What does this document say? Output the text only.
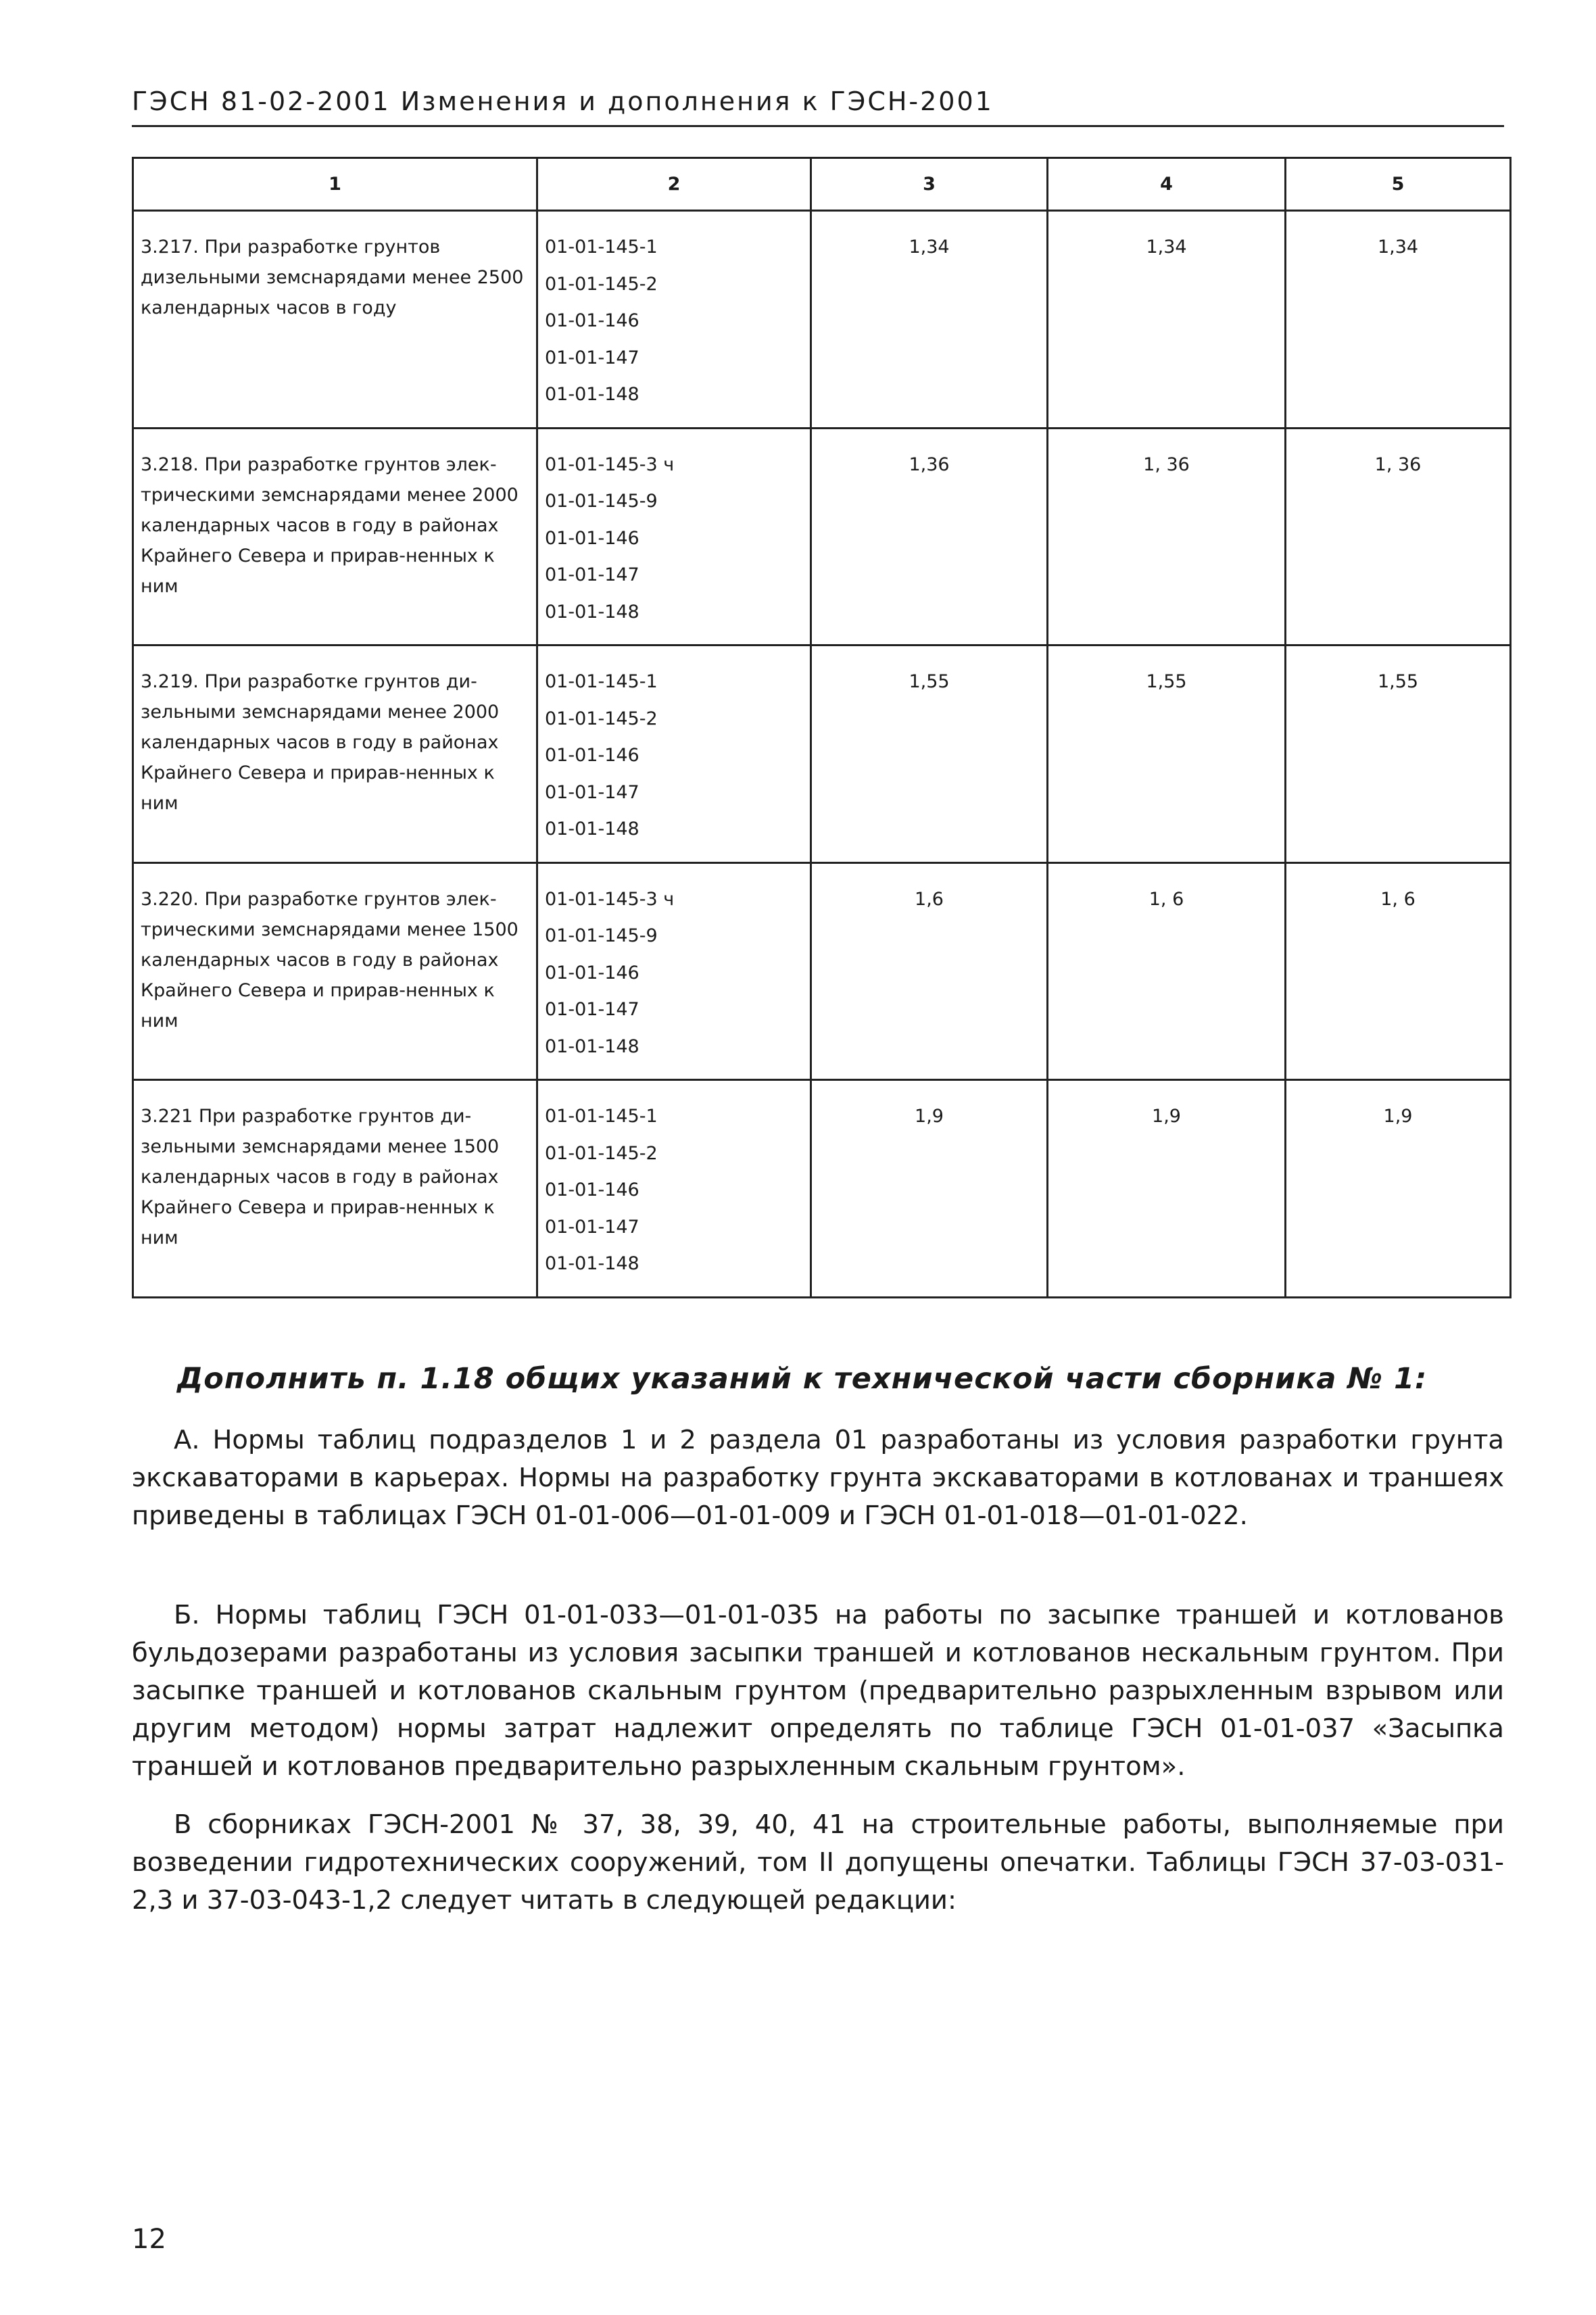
ГЭСН 81-02-2001 Изменения и дополнения к ГЭСН-2001
1	2	3	4	5
3.217. При разработке грунтов дизельными земснарядами менее 2500 календарных часов в году	01-01-145-1
01-01-145-2
01-01-146
01-01-147
01-01-148	1,34	1,34	1,34
3.218. При разработке грунтов элек-трическими земснарядами менее 2000 календарных часов в году в районах Крайнего Севера и прирав-ненных к ним	01-01-145-3 ч
01-01-145-9
01-01-146
01-01-147
01-01-148	1,36	1, 36	1, 36
3.219. При разработке грунтов ди-зельными земснарядами менее 2000 календарных часов в году в районах Крайнего Севера и прирав-ненных к ним	01-01-145-1
01-01-145-2
01-01-146
01-01-147
01-01-148	1,55	1,55	1,55
3.220. При разработке грунтов элек-трическими земснарядами менее 1500 календарных часов в году в районах Крайнего Севера и прирав-ненных к ним	01-01-145-3 ч
01-01-145-9
01-01-146
01-01-147
01-01-148	1,6	1, 6	1, 6
3.221 При разработке грунтов ди-зельными земснарядами менее 1500 календарных часов в году в районах Крайнего Севера и прирав-ненных к ним	01-01-145-1
01-01-145-2
01-01-146
01-01-147
01-01-148	1,9	1,9	1,9
Дополнить п. 1.18 общих указаний к технической части сборника № 1:
А. Нормы таблиц подразделов 1 и 2 раздела 01 разработаны из условия разработки грунта экскаваторами в карьерах. Нормы на разработку грунта экскаваторами в котлованах и траншеях приведены в таблицах ГЭСН 01-01-006—01-01-009 и ГЭСН 01-01-018—01-01-022.
Б. Нормы таблиц ГЭСН 01-01-033—01-01-035 на работы по засыпке траншей и котлованов бульдозерами разработаны из условия засыпки траншей и котлованов нескальным грунтом. При засыпке траншей и котлованов скальным грунтом (предварительно разрыхленным взрывом или другим методом) нормы затрат надлежит определять по таблице ГЭСН 01-01-037 «Засыпка траншей и котлованов предварительно разрыхленным скальным грунтом».
В сборниках ГЭСН-2001 № 37, 38, 39, 40, 41 на строительные работы, выполняемые при возведении гидротехнических сооружений, том II допущены опечатки. Таблицы ГЭСН 37-03-031-2,3 и 37-03-043-1,2 следует читать в следующей редакции:
12
